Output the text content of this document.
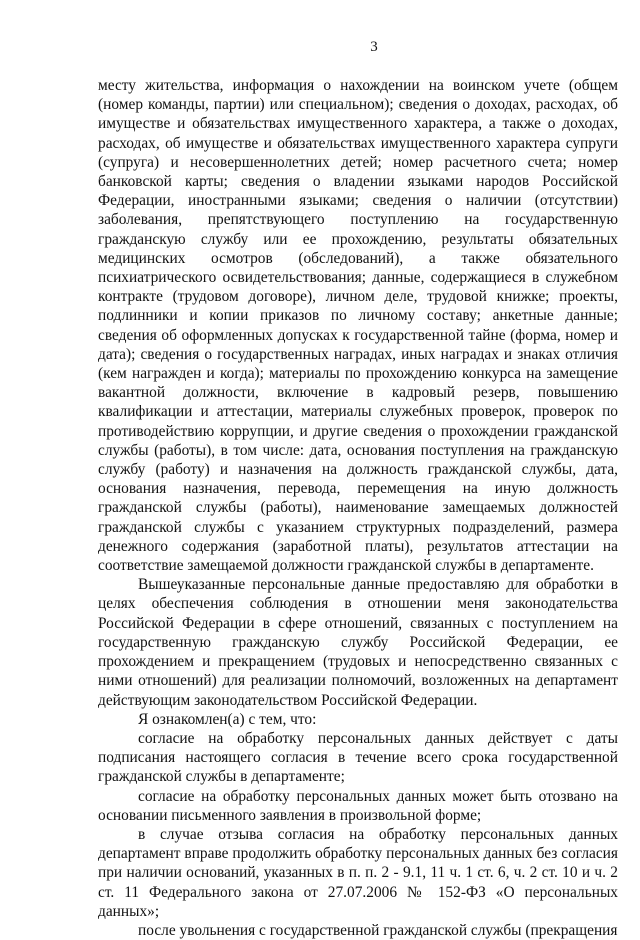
3

месту жительства, информация о нахождении на воинском учете (общем (номер команды, партии) или специальном); сведения о доходах, расходах, об имуществе и обязательствах имущественного характера, а также о доходах, расходах, об имуществе и обязательствах имущественного характера супруги (супруга) и несовершеннолетних детей; номер расчетного счета; номер банковской карты; сведения о владении языками народов Российской Федерации, иностранными языками; сведения о наличии (отсутствии) заболевания, препятствующего поступлению на государственную гражданскую службу или ее прохождению, результаты обязательных медицинских осмотров (обследований), а также обязательного психиатрического освидетельствования; данные, содержащиеся в служебном контракте (трудовом договоре), личном деле, трудовой книжке; проекты, подлинники и копии приказов по личному составу; анкетные данные; сведения об оформленных допусках к государственной тайне (форма, номер и дата); сведения о государственных наградах, иных наградах и знаках отличия (кем награжден и когда); материалы по прохождению конкурса на замещение вакантной должности, включение в кадровый резерв, повышению квалификации и аттестации, материалы служебных проверок, проверок по противодействию коррупции, и другие сведения о прохождении гражданской службы (работы), в том числе: дата, основания поступления на гражданскую службу (работу) и назначения на должность гражданской службы, дата, основания назначения, перевода, перемещения на иную должность гражданской службы (работы), наименование замещаемых должностей гражданской службы с указанием структурных подразделений, размера денежного содержания (заработной платы), результатов аттестации на соответствие замещаемой должности гражданской службы в департаменте.

Вышеуказанные персональные данные предоставляю для обработки в целях обеспечения соблюдения в отношении меня законодательства Российской Федерации в сфере отношений, связанных с поступлением на государственную гражданскую службу Российской Федерации, ее прохождением и прекращением (трудовых и непосредственно связанных с ними отношений) для реализации полномочий, возложенных на департамент действующим законодательством Российской Федерации.

Я ознакомлен(а) с тем, что:

согласие на обработку персональных данных действует с даты подписания настоящего согласия в течение всего срока государственной гражданской службы в департаменте;

согласие на обработку персональных данных может быть отозвано на основании письменного заявления в произвольной форме;

в случае отзыва согласия на обработку персональных данных департамент вправе продолжить обработку персональных данных без согласия при наличии оснований, указанных в п. п. 2 - 9.1, 11 ч. 1 ст. 6, ч. 2 ст. 10 и ч. 2 ст. 11 Федерального закона от 27.07.2006 № 152-ФЗ «О персональных данных»;

после увольнения с государственной гражданской службы (прекращения
